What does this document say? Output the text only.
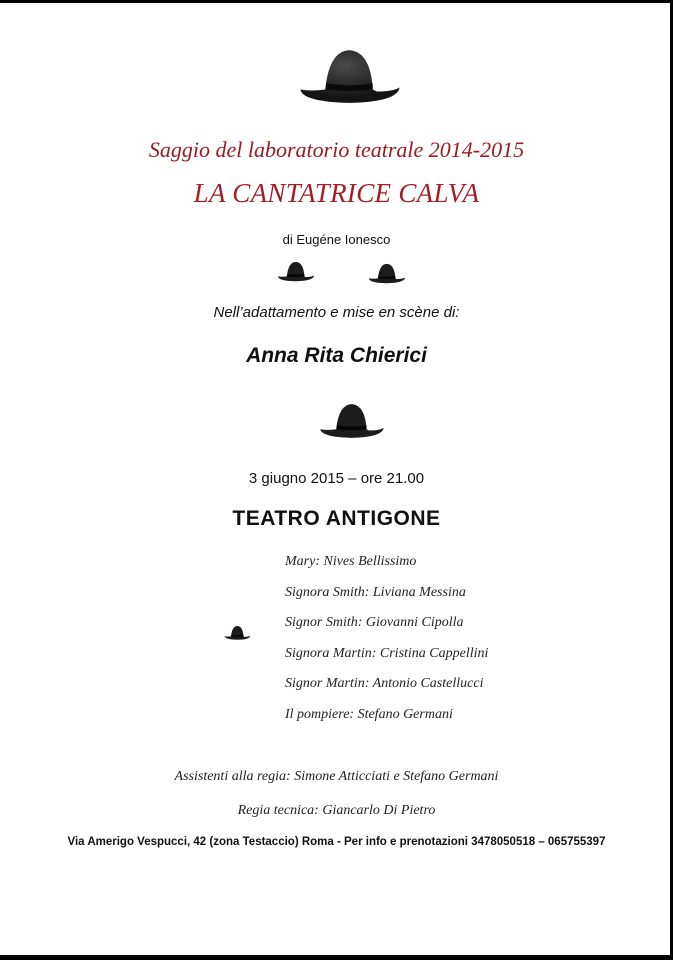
Saggio del laboratorio teatrale 2014-2015
LA CANTATRICE CALVA
di Eugéne Ionesco
Nell’adattamento e mise en scène di:
Anna Rita Chierici
3 giugno 2015 – ore 21.00
TEATRO ANTIGONE
Mary: Nives Bellissimo
Signora Smith: Liviana Messina
Signor Smith: Giovanni Cipolla
Signora Martin: Cristina Cappellini
Signor Martin: Antonio Castellucci
Il pompiere: Stefano Germani
Assistenti alla regia: Simone Atticciati e Stefano Germani
Regia tecnica: Giancarlo Di Pietro
Via Amerigo Vespucci, 42 (zona Testaccio) Roma - Per info e prenotazioni 3478050518 – 065755397
